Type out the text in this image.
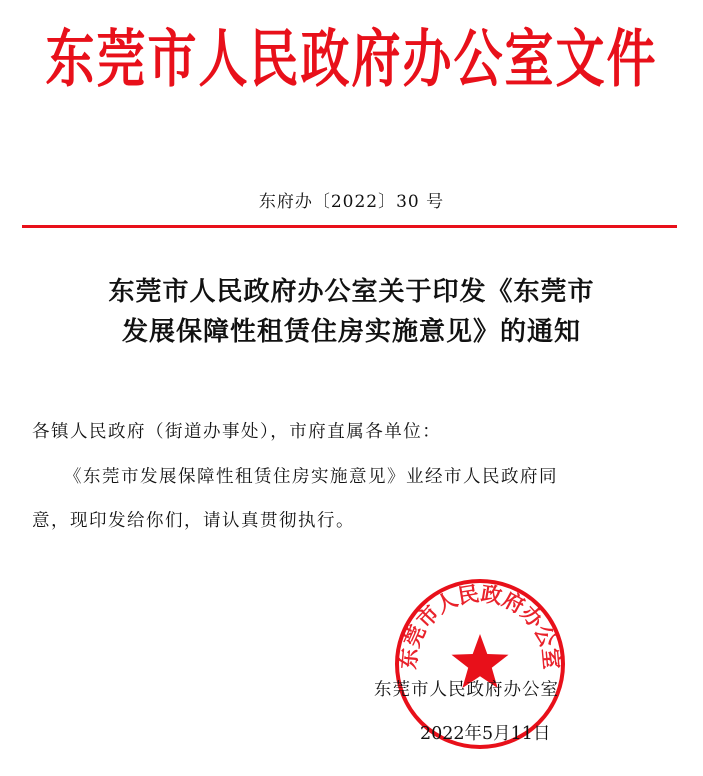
东莞市人民政府办公室文件
东府办〔2022〕30 号
东莞市人民政府办公室关于印发《东莞市
发展保障性租赁住房实施意见》的通知
各镇人民政府（街道办事处），市府直属各单位：
《东莞市发展保障性租赁住房实施意见》业经市人民政府同
意，现印发给你们，请认真贯彻执行。
东莞市人民政府办公室
东莞市人民政府办公室
2022年5月11日
